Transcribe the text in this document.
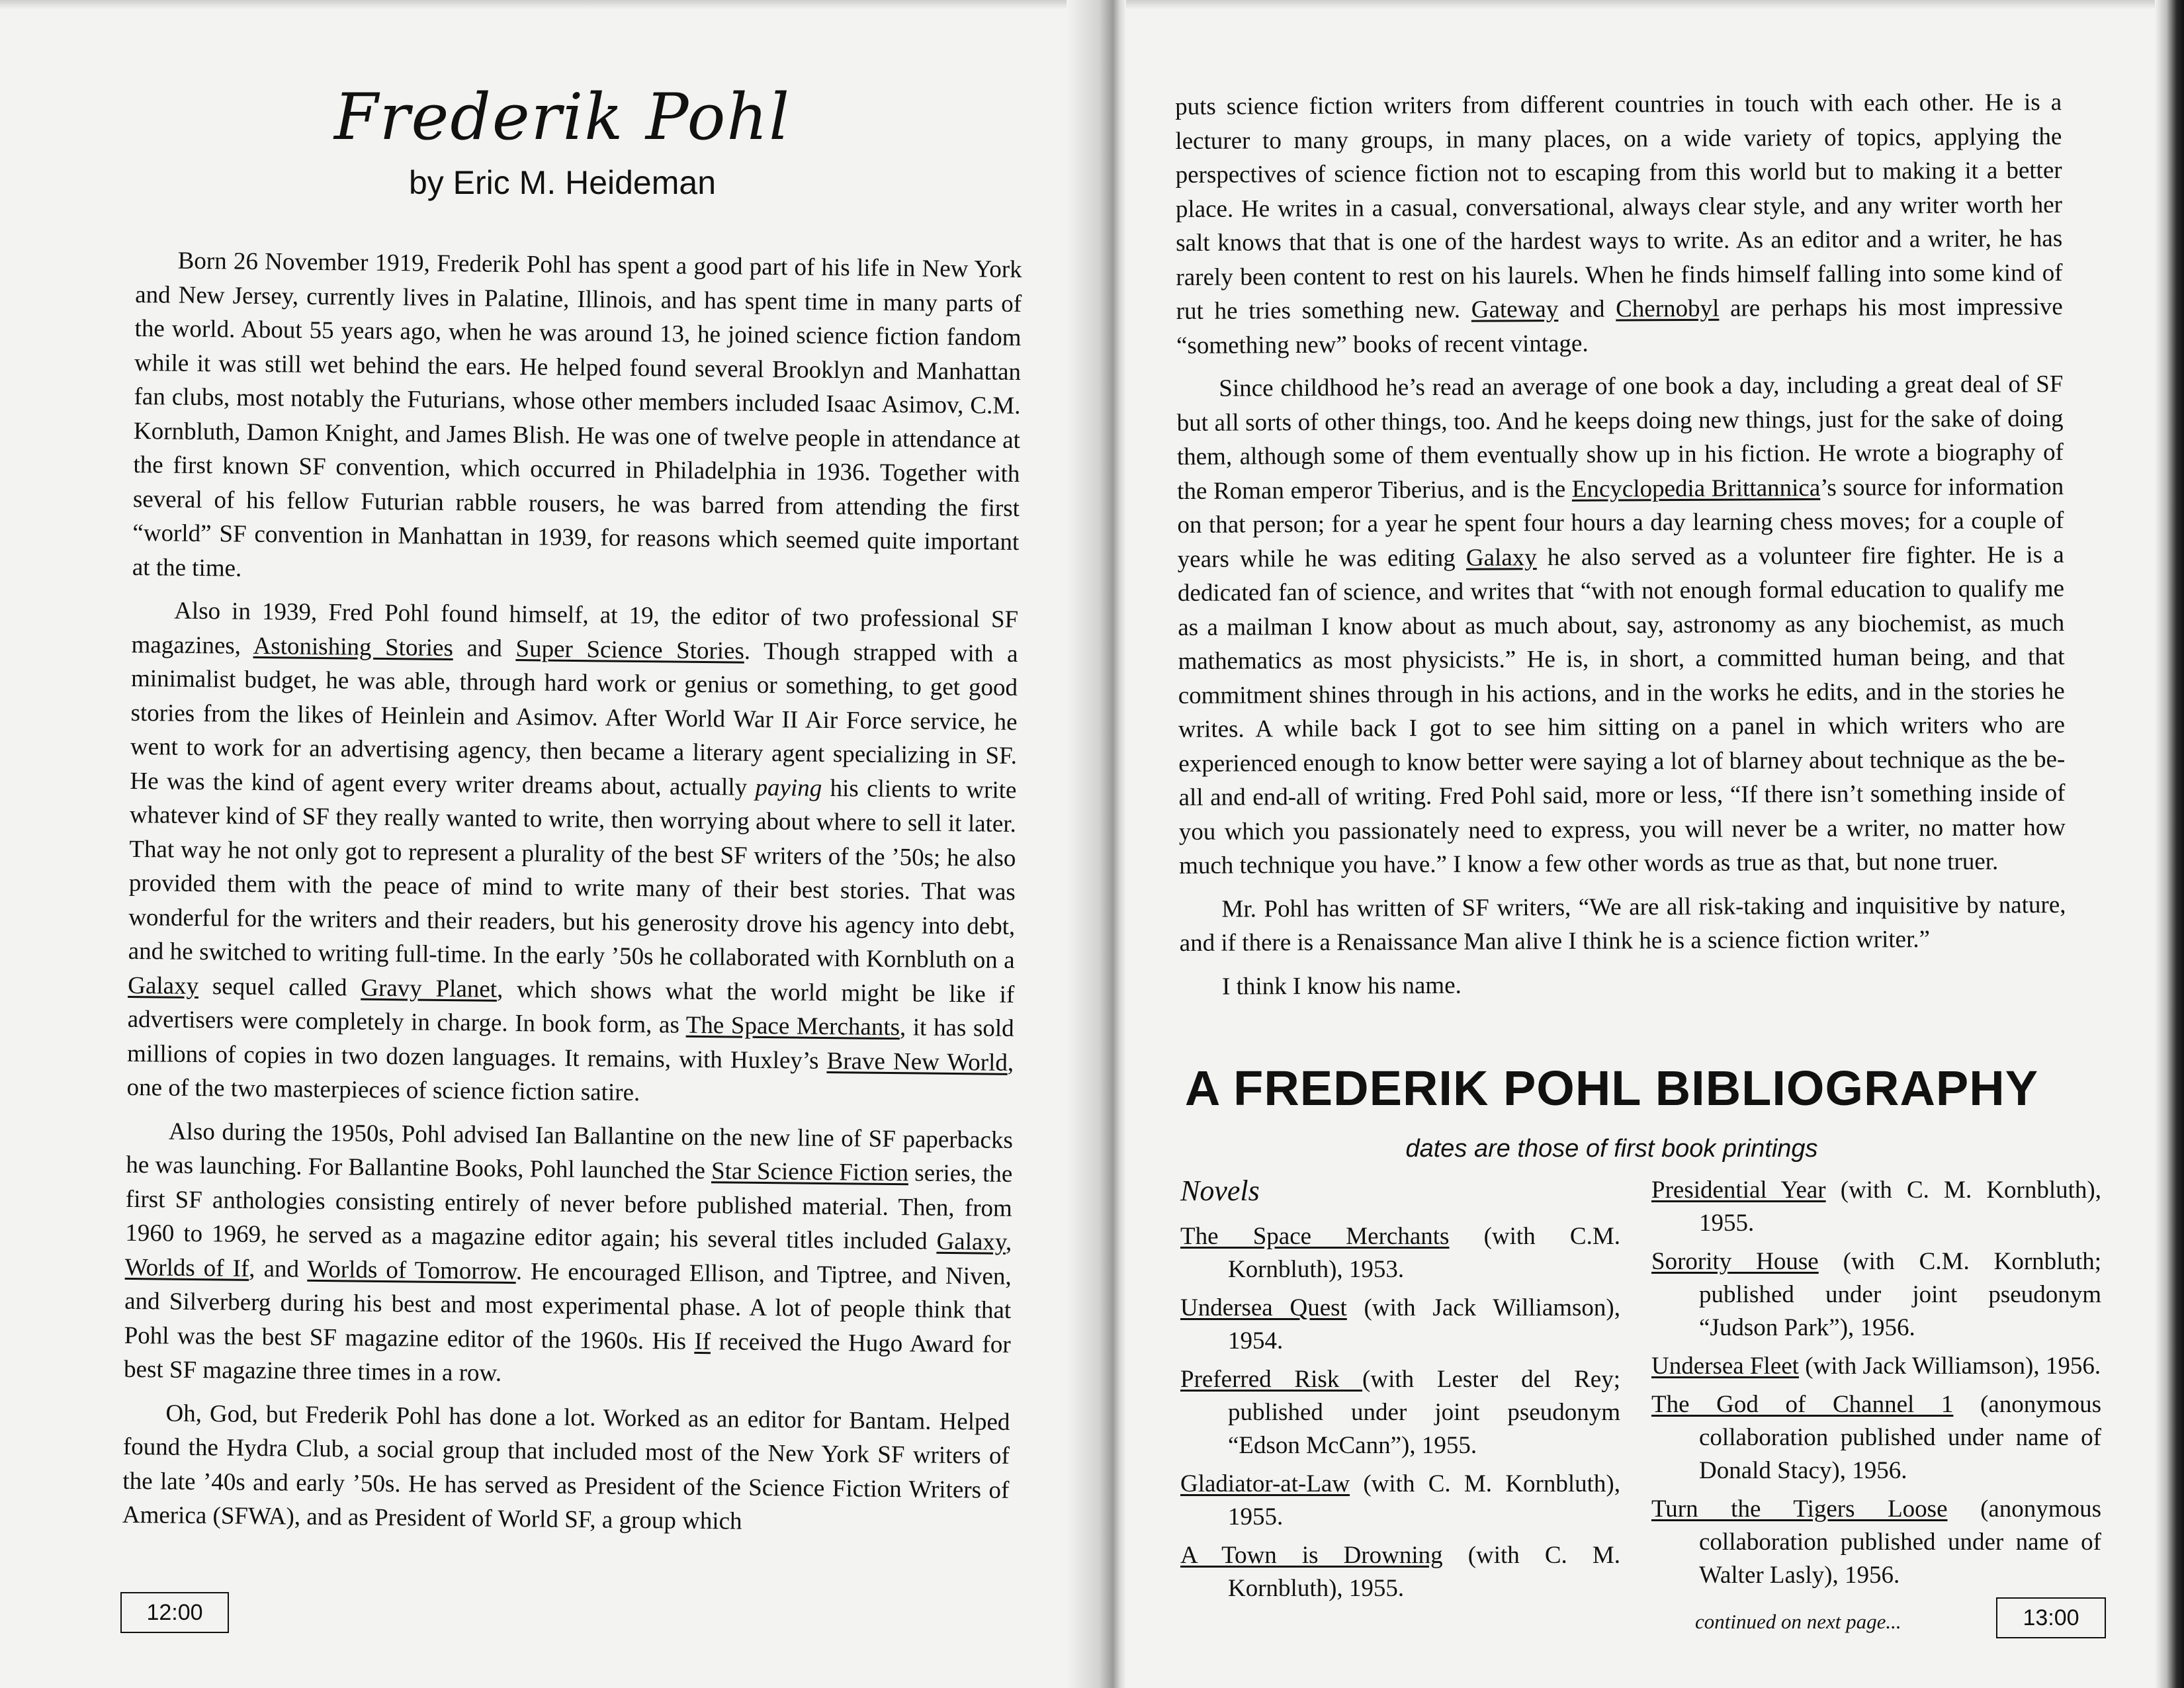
Frederik Pohl
by Eric M. Heideman

Born 26 November 1919, Frederik Pohl has spent a good part of his life in New York and New Jersey, currently lives in Palatine, Illinois, and has spent time in many parts of the world. About 55 years ago, when he was around 13, he joined science fiction fandom while it was still wet behind the ears. He helped found several Brooklyn and Manhattan fan clubs, most notably the Futurians, whose other members included Isaac Asimov, C.M. Kornbluth, Damon Knight, and James Blish. He was one of twelve people in attendance at the first known SF convention, which occurred in Philadelphia in 1936. Together with several of his fellow Futurian rabble rousers, he was barred from attending the first “world” SF convention in Manhattan in 1939, for reasons which seemed quite important at the time.

Also in 1939, Fred Pohl found himself, at 19, the editor of two professional SF magazines, Astonishing Stories and Super Science Stories. Though strapped with a minimalist budget, he was able, through hard work or genius or something, to get good stories from the likes of Heinlein and Asimov. After World War II Air Force service, he went to work for an advertising agency, then became a literary agent specializing in SF. He was the kind of agent every writer dreams about, actually paying his clients to write whatever kind of SF they really wanted to write, then worrying about where to sell it later. That way he not only got to represent a plurality of the best SF writers of the ’50s; he also provided them with the peace of mind to write many of their best stories. That was wonderful for the writers and their readers, but his generosity drove his agency into debt, and he switched to writing full-time. In the early ’50s he collaborated with Kornbluth on a Galaxy sequel called Gravy Planet, which shows what the world might be like if advertisers were completely in charge. In book form, as The Space Merchants, it has sold millions of copies in two dozen languages. It remains, with Huxley’s Brave New World, one of the two masterpieces of science fiction satire.

Also during the 1950s, Pohl advised Ian Ballantine on the new line of SF paperbacks he was launching. For Ballantine Books, Pohl launched the Star Science Fiction series, the first SF anthologies consisting entirely of never before published material. Then, from 1960 to 1969, he served as a magazine editor again; his several titles included Galaxy, Worlds of If, and Worlds of Tomorrow. He encouraged Ellison, and Tiptree, and Niven, and Silverberg during his best and most experimental phase. A lot of people think that Pohl was the best SF magazine editor of the 1960s. His If received the Hugo Award for best SF magazine three times in a row.

Oh, God, but Frederik Pohl has done a lot. Worked as an editor for Bantam. Helped found the Hydra Club, a social group that included most of the New York SF writers of the late ’40s and early ’50s. He has served as President of the Science Fiction Writers of America (SFWA), and as President of World SF, a group which

12:00

puts science fiction writers from different countries in touch with each other. He is a lecturer to many groups, in many places, on a wide variety of topics, applying the perspectives of science fiction not to escaping from this world but to making it a better place. He writes in a casual, conversational, always clear style, and any writer worth her salt knows that that is one of the hardest ways to write. As an editor and a writer, he has rarely been content to rest on his laurels. When he finds himself falling into some kind of rut he tries something new. Gateway and Chernobyl are perhaps his most impressive “something new” books of recent vintage.

Since childhood he’s read an average of one book a day, including a great deal of SF but all sorts of other things, too. And he keeps doing new things, just for the sake of doing them, although some of them eventually show up in his fiction. He wrote a biography of the Roman emperor Tiberius, and is the Encyclopedia Brittannica’s source for information on that person; for a year he spent four hours a day learning chess moves; for a couple of years while he was editing Galaxy he also served as a volunteer fire fighter. He is a dedicated fan of science, and writes that “with not enough formal education to qualify me as a mailman I know about as much about, say, astronomy as any biochemist, as much mathematics as most physicists.” He is, in short, a committed human being, and that commitment shines through in his actions, and in the works he edits, and in the stories he writes. A while back I got to see him sitting on a panel in which writers who are experienced enough to know better were saying a lot of blarney about technique as the be-all and end-all of writing. Fred Pohl said, more or less, “If there isn’t something inside of you which you passionately need to express, you will never be a writer, no matter how much technique you have.” I know a few other words as true as that, but none truer.

Mr. Pohl has written of SF writers, “We are all risk-taking and inquisitive by nature, and if there is a Renaissance Man alive I think he is a science fiction writer.”

I think I know his name.

A FREDERIK POHL BIBLIOGRAPHY
dates are those of first book printings
Novels
The Space Merchants (with C.M. Kornbluth), 1953.
Undersea Quest (with Jack Williamson), 1954.
Preferred Risk (with Lester del Rey; published under joint pseudonym “Edson McCann”), 1955.
Gladiator-at-Law (with C. M. Kornbluth), 1955.
A Town is Drowning (with C. M. Kornbluth), 1955.
Presidential Year (with C. M. Kornbluth), 1955.
Sorority House (with C.M. Kornbluth; published under joint pseudonym “Judson Park”), 1956.
Undersea Fleet (with Jack Williamson), 1956.
The God of Channel 1 (anonymous collaboration published under name of Donald Stacy), 1956.
Turn the Tigers Loose (anonymous collaboration published under name of Walter Lasly), 1956.
continued on next page...	13:00
